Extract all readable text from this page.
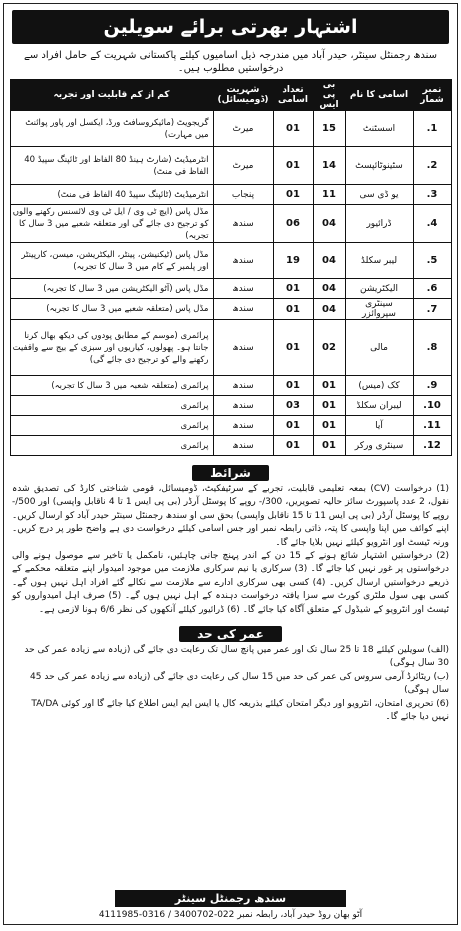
اشتہار بھرتی برائے سویلین
سندھ رجمنٹل سینٹر، حیدر آباد میں مندرجہ ذیل اسامیوں کیلئے پاکستانی شہریت کے حامل افراد سے درخواستیں مطلوب ہیں۔
نمبر شمار	اسامی کا نام	بی پی ایس	تعداد اسامی	شہریت (ڈومیسائل)	کم از کم قابلیت اور تجربہ
1.	اسسٹنٹ	15	01	میرٹ	گریجویٹ (مائیکروسافٹ ورڈ، ایکسل اور پاور پوائنٹ میں مہارت)
2.	سٹینوٹائپسٹ	14	01	میرٹ	انٹرمیڈیٹ (شارٹ ہینڈ 80 الفاظ اور ٹائپنگ سپیڈ 40 الفاظ فی منٹ)
3.	یو ڈی سی	11	01	پنجاب	انٹرمیڈیٹ (ٹائپنگ سپیڈ 40 الفاظ فی منٹ)
4.	ڈرائیور	04	06	سندھ	مڈل پاس (ایچ ٹی وی / ایل ٹی وی لائسنس رکھنے والوں کو ترجیح دی جائے گی اور متعلقہ شعبے میں 3 سال کا تجربہ)
5.	لیبر سکلڈ	04	19	سندھ	مڈل پاس (ٹیکنیشن، پینٹر، الیکٹریشن، میسن، کارپینٹر اور پلمبر کے کام میں 3 سال کا تجربہ)
6.	الیکٹریشن	04	01	سندھ	مڈل پاس (آٹو الیکٹریشن میں 3 سال کا تجربہ)
7.	سینٹری سپروائزر	04	01	سندھ	مڈل پاس (متعلقہ شعبے میں 3 سال کا تجربہ)
8.	مالی	02	01	سندھ	پرائمری (موسم کے مطابق پودوں کی دیکھ بھال کرنا جانتا ہو۔ پھولوں، کیاریوں اور سبزی کے بیج سے واقفیت رکھنے والے کو ترجیح دی جائے گی)
9.	کک (میس)	01	01	سندھ	پرائمری (متعلقہ شعبہ میں 3 سال کا تجربہ)
10.	لیبران سکلڈ	01	03	سندھ	پرائمری
11.	آیا	01	01	سندھ	پرائمری
12.	سینٹری ورکر	01	01	سندھ	پرائمری
شرائط

(1) درخواست (CV) بمعہ تعلیمی قابلیت، تجربے کے سرٹیفکیٹ، ڈومیسائل، قومی شناختی کارڈ کی تصدیق شدہ نقول، 2 عدد پاسپورٹ سائز حالیہ تصویریں، 300/- روپے کا پوسٹل آرڈر (بی پی ایس 1 تا 4 ناقابل واپسی) اور 500/- روپے کا پوسٹل آرڈر (بی پی ایس 11 تا 15 ناقابل واپسی) بحق سی او سندھ رجمنٹل سینٹر حیدر آباد کو ارسال کریں۔ اپنے کوائف میں اپنا واپسی کا پتہ، ذاتی رابطہ نمبر اور جس اسامی کیلئے درخواست دی ہے واضح طور پر درج کریں۔ ورنہ ٹیسٹ اور انٹرویو کیلئے نہیں بلایا جائے گا۔

(2) درخواستیں اشتہار شائع ہونے کے 15 دن کے اندر پہنچ جانی چاہئیں، نامکمل یا تاخیر سے موصول ہونے والی درخواستوں پر غور نہیں کیا جائے گا۔ (3) سرکاری یا نیم سرکاری ملازمت میں موجود امیدوار اپنے متعلقہ محکمے کے ذریعے درخواستیں ارسال کریں۔ (4) کسی بھی سرکاری ادارے سے ملازمت سے نکالے گئے افراد اہل نہیں ہوں گے۔ کسی بھی سول ملٹری کورٹ سے سزا یافتہ درخواست دہندہ کے اہل نہیں ہوں گے۔ (5) صرف اہل امیدواروں کو ٹیسٹ اور انٹرویو کے شیڈول کے متعلق آگاہ کیا جائے گا۔ (6) ڈرائیور کیلئے آنکھوں کی نظر 6/6 ہونا لازمی ہے۔

عمر کی حد

(الف) سویلین کیلئے 18 تا 25 سال تک اور عمر میں پانچ سال تک رعایت دی جائے گی (زیادہ سے زیادہ عمر کی حد 30 سال ہوگی)

(ب) ریٹائرڈ آرمی سروس کی عمر کی حد میں 15 سال کی رعایت دی جائے گی (زیادہ سے زیادہ عمر کی حد 45 سال ہوگی)

(6) تحریری امتحان، انٹرویو اور دیگر امتحان کیلئے بذریعہ کال یا ایس ایم ایس اطلاع کیا جائے گا اور کوئی TA/DA نہیں دیا جائے گا۔

سندھ رجمنٹل سینٹر
آٹو بھان روڈ حیدر آباد، رابطہ نمبر 022-3400702 / 0316-4111985
